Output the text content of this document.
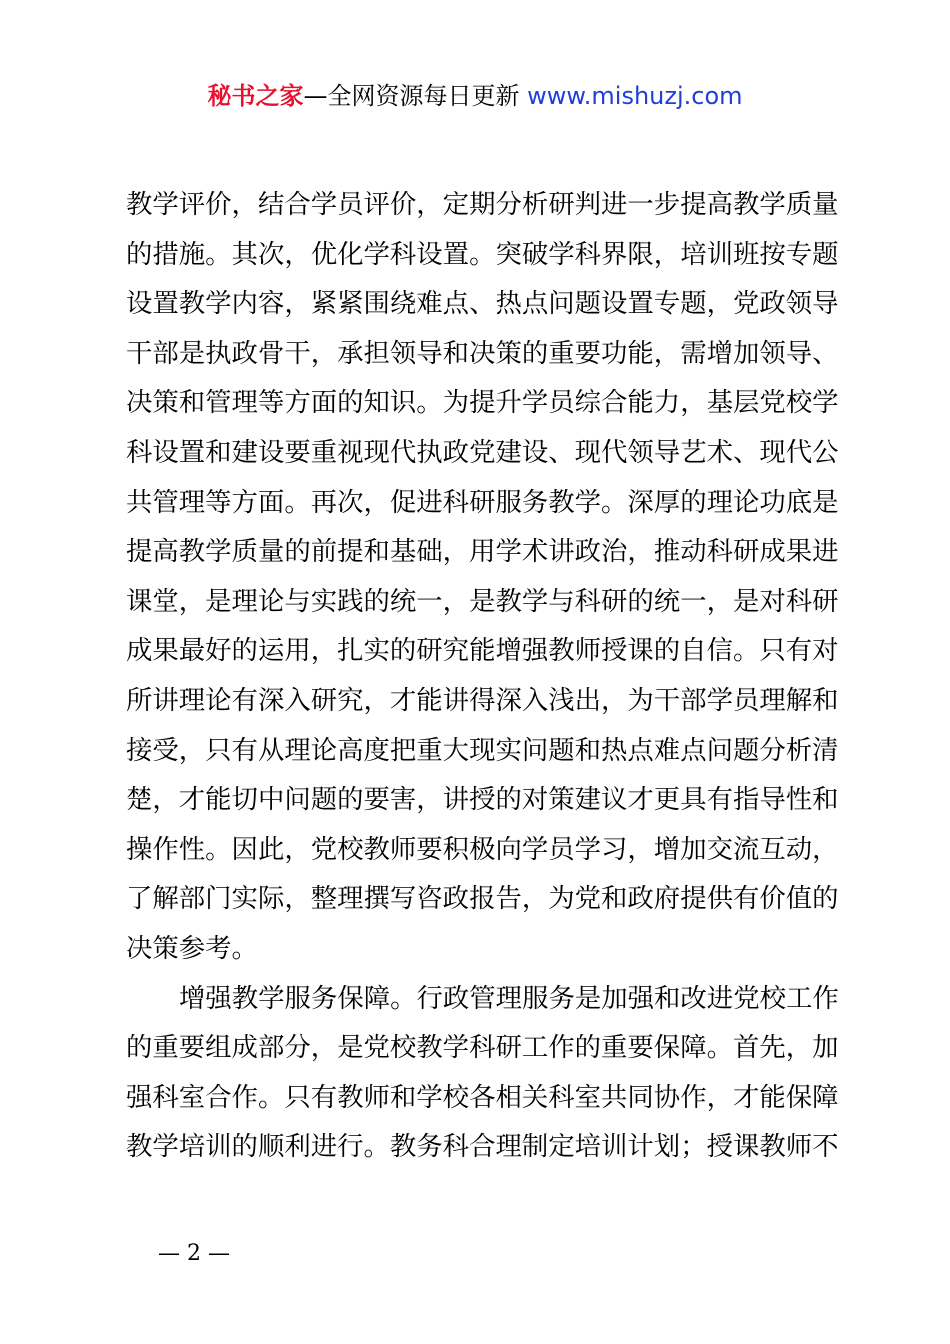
秘书之家—全网资源每日更新 www.mishuzj.com
教学评价，结合学员评价，定期分析研判进一步提高教学质量
的措施。其次，优化学科设置。突破学科界限，培训班按专题
设置教学内容，紧紧围绕难点、热点问题设置专题，党政领导
干部是执政骨干，承担领导和决策的重要功能，需增加领导、
决策和管理等方面的知识。为提升学员综合能力，基层党校学
科设置和建设要重视现代执政党建设、现代领导艺术、现代公
共管理等方面。再次，促进科研服务教学。深厚的理论功底是
提高教学质量的前提和基础，用学术讲政治，推动科研成果进
课堂，是理论与实践的统一，是教学与科研的统一，是对科研
成果最好的运用，扎实的研究能增强教师授课的自信。只有对
所讲理论有深入研究，才能讲得深入浅出，为干部学员理解和
接受，只有从理论高度把重大现实问题和热点难点问题分析清
楚，才能切中问题的要害，讲授的对策建议才更具有指导性和
操作性。因此，党校教师要积极向学员学习，增加交流互动，
了解部门实际，整理撰写咨政报告，为党和政府提供有价值的
决策参考。
增强教学服务保障。行政管理服务是加强和改进党校工作
的重要组成部分，是党校教学科研工作的重要保障。首先，加
强科室合作。只有教师和学校各相关科室共同协作，才能保障
教学培训的顺利进行。教务科合理制定培训计划；授课教师不
— 2 —
